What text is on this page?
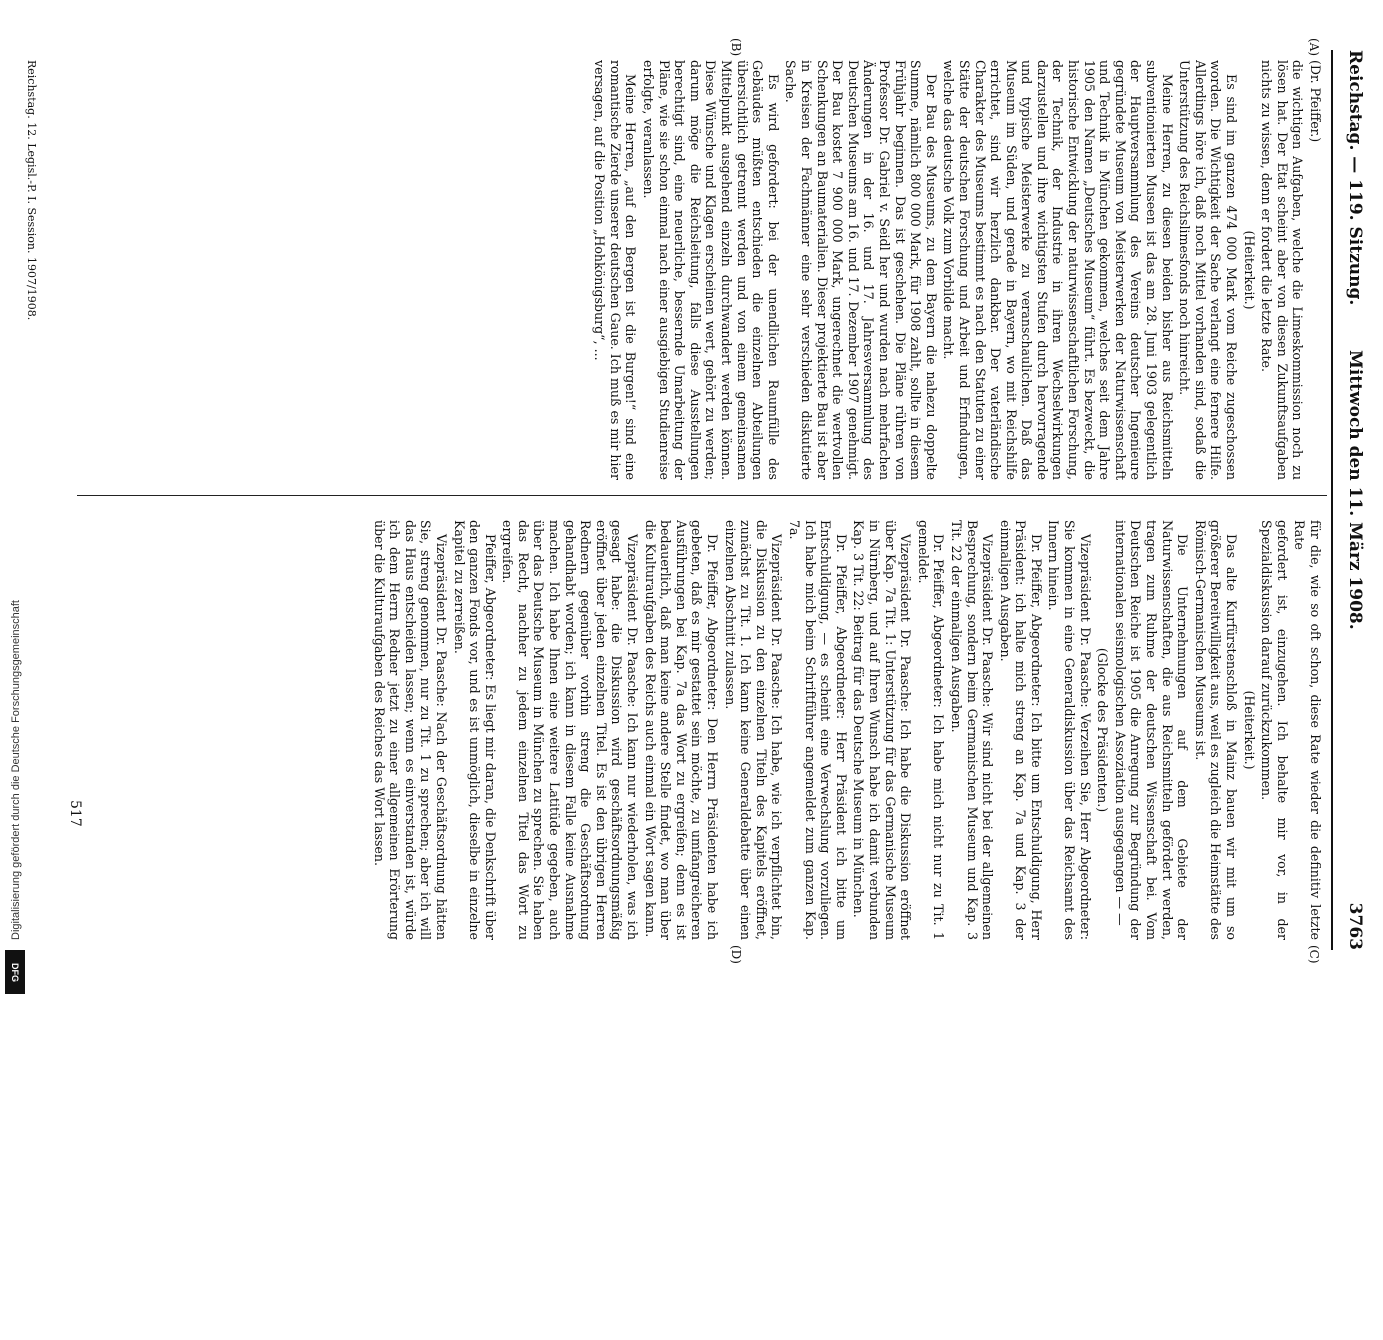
Reichstag. — 119. Sitzung.
Mittwoch den 11. März 1908.
3763
(A)
(B)
(C)
(D)

(Dr. Pfeiffer.)

die wichtigen Aufgaben, welche die Limeskommission noch zu lösen hat. Der Etat scheint aber von diesen Zukunftsaufgaben nichts zu wissen, denn er fordert die letzte Rate.

(Heiterkeit.)

Es sind im ganzen 474 000 Mark vom Reiche zugeschossen worden. Die Wichtigkeit der Sache verlangt eine fernere Hilfe. Allerdings höre ich, daß noch Mittel vorhanden sind, sodaß die Unterstützung des Reichslimesfonds noch hinreicht.

Meine Herren, zu diesen beiden bisher aus Reichsmitteln subventionierten Museen ist das am 28. Juni 1903 gelegentlich der Hauptversammlung des Vereins deutscher Ingenieure gegründete Museum von Meisterwerken der Naturwissenschaft und Technik in München gekommen, welches seit dem Jahre 1905 den Namen „Deutsches Museum“ führt. Es bezweckt, die historische Entwicklung der naturwissenschaftlichen Forschung, der Technik, der Industrie in ihren Wechselwirkungen darzustellen und ihre wichtigsten Stufen durch hervorragende und typische Meisterwerke zu veranschaulichen. Daß das Museum im Süden, und gerade in Bayern, wo mit Reichshilfe errichtet, sind wir herzlich dankbar. Der vaterländische Charakter des Museums bestimmt es nach den Statuten zu einer Stätte der deutschen Forschung und Arbeit und Erfindungen, welche das deutsche Volk zum Vorbilde macht.

Der Bau des Museums, zu dem Bayern die nahezu doppelte Summe, nämlich 800 000 Mark, für 1908 zahlt, sollte in diesem Frühjahr beginnen. Das ist geschehen. Die Pläne rühren von Professor Dr. Gabriel v. Seidl her und wurden nach mehrfachen Änderungen in der 16. und 17. Jahresversammlung des Deutschen Museums am 16. und 17. Dezember 1907 genehmigt. Der Bau kostet 7 900 000 Mark, ungerechnet die wertvollen Schenkungen an Baumaterialien. Dieser projektierte Bau ist aber in Kreisen der Fachmänner eine sehr verschieden diskutierte Sache.

Es wird gefordert: bei der unendlichen Raumfülle des Gebäudes müßten entschieden die einzelnen Abteilungen übersichtlich getrennt werden und von einem gemeinsamen Mittelpunkt ausgehend einzeln durchwandert werden können. Diese Wünsche und Klagen erscheinen wert, gehört zu werden; darum möge die Reichsleitung, falls diese Ausstellungen berechtigt sind, eine neuerliche, bessernde Umarbeitung der Pläne, wie sie schon einmal nach einer ausgiebigen Studienreise erfolgte, veranlassen.

Meine Herren, „auf den Bergen ist die Burgen!“ sind eine romantische Zierde unserer deutschen Gaue. Ich muß es mir hier versagen, auf die Position „Hohkönigsburg“, ...

für die, wie so oft schon, diese Rate wieder die definitiv letzte Rate

gefordert ist, einzugehen. Ich behalte mir vor, in der Spezialdiskussion darauf zurückzukommen.

(Heiterkeit.)

Das alte Kurfürstenschloß in Mainz bauen wir mit um so größerer Bereitwilligkeit aus, weil es zugleich die Heimstätte des Römisch-Germanischen Museums ist.

Die Unternehmungen auf dem Gebiete der Naturwissenschaften, die aus Reichsmitteln gefördert werden, tragen zum Ruhme der deutschen Wissenschaft bei. Vom Deutschen Reiche ist 1905 die Anregung zur Begründung der internationalen seismologischen Assoziation ausgegangen — —

(Glocke des Präsidenten.)

Vizepräsident Dr. Paasche: Verzeihen Sie, Herr Abgeordneter: Sie kommen in eine Generaldiskussion über das Reichsamt des Innern hinein.

Dr. Pfeiffer, Abgeordneter: Ich bitte um Entschuldigung, Herr Präsident: ich halte mich streng an Kap. 7a und Kap. 3 der einmaligen Ausgaben.

Vizepräsident Dr. Paasche: Wir sind nicht bei der allgemeinen Besprechung, sondern beim Germanischen Museum und Kap. 3 Tit. 22 der einmaligen Ausgaben.

Dr. Pfeiffer, Abgeordneter: Ich habe mich nicht nur zu Tit. 1 gemeldet.

Vizepräsident Dr. Paasche: Ich habe die Diskussion eröffnet über Kap. 7a Tit. 1: Unterstützung für das Germanische Museum in Nürnberg, und auf Ihren Wunsch habe ich damit verbunden Kap. 3 Tit. 22: Beitrag für das Deutsche Museum in München.

Dr. Pfeiffer, Abgeordneter: Herr Präsident ich bitte um Entschuldigung, — es scheint eine Verwechslung vorzuliegen. Ich habe mich beim Schriftführer angemeldet zum ganzen Kap. 7a.

Vizepräsident Dr. Paasche: Ich habe, wie ich verpflichtet bin, die Diskussion zu den einzelnen Titeln des Kapitels eröffnet, zunächst zu Tit. 1. Ich kann keine Generaldebatte über einen einzelnen Abschnitt zulassen.

Dr. Pfeiffer, Abgeordneter: Den Herrn Präsidenten habe ich gebeten, daß es mir gestattet sein möchte, zu umfangreicheren Ausführungen bei Kap. 7a das Wort zu ergreifen; denn es ist bedauerlich, daß man keine andere Stelle findet, wo man über die Kulturaufgaben des Reichs auch einmal ein Wort sagen kann.

Vizepräsident Dr. Paasche: Ich kann nur wiederholen, was ich gesagt habe: die Diskussion wird geschäftsordnungsmäßig eröffnet über jeden einzelnen Titel. Es ist den übrigen Herren Rednern gegenüber vorhin streng die Geschäftsordnung gehandhabt worden; ich kann in diesem Falle keine Ausnahme machen. Ich habe Ihnen eine weitere Latitüde gegeben, auch über das Deutsche Museum in München zu sprechen. Sie haben das Recht, nachher zu jedem einzelnen Titel das Wort zu ergreifen.

Pfeiffer, Abgeordneter: Es liegt mir daran, die Denkschrift über den ganzen Fonds vor, und es ist unmöglich, dieselbe in einzelne Kapitel zu zerreißen.

Vizepräsident Dr. Paasche: Nach der Geschäftsordnung hätten Sie, streng genommen, nur zu Tit. 1 zu sprechen; aber ich will das Haus entscheiden lassen; wenn es einverstanden ist, würde ich dem Herrn Redner jetzt zu einer allgemeinen Erörterung über die Kulturaufgaben des Reiches das Wort lassen.

Reichstag. 12. Legisl.-P. I. Session. 1907/1908.
517
Digitalisierung gefördert durch die Deutsche Forschungsgemeinschaft
DFG
